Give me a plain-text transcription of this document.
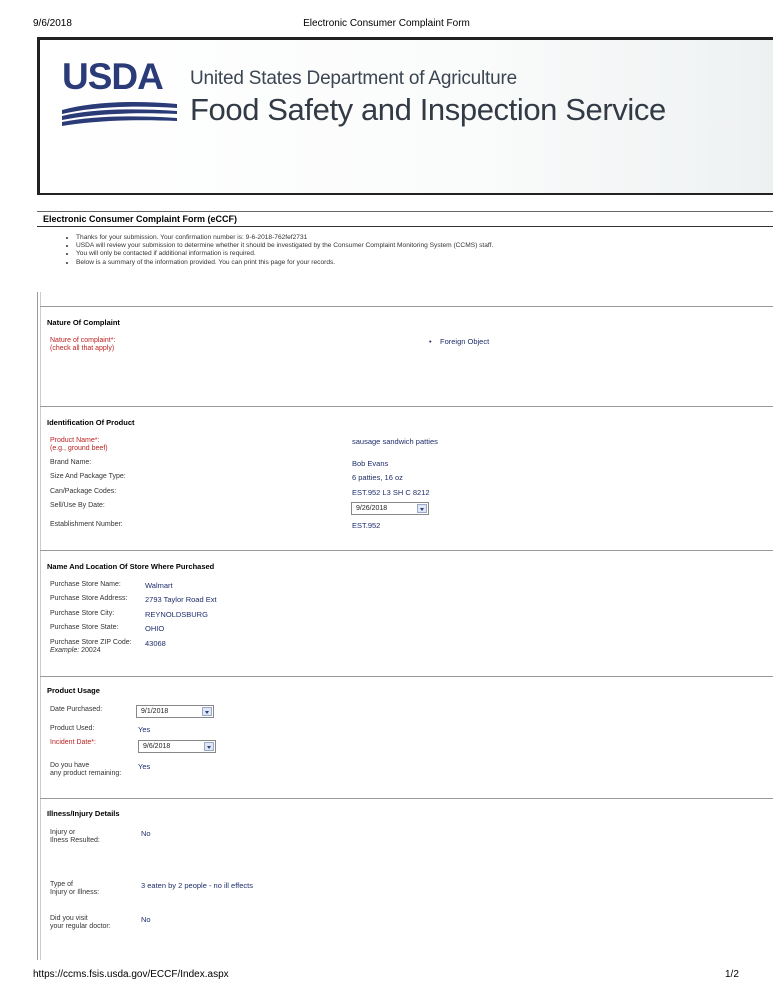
9/6/2018	Electronic Consumer Complaint Form
USDA	United States Department of Agriculture
Food Safety and Inspection Service
Electronic Consumer Complaint Form (eCCF)
• Thanks for your submission. Your confirmation number is: 9-6-2018-762fef2731
• USDA will review your submission to determine whether it should be investigated by the Consumer Complaint Monitoring System (CCMS) staff.
• You will only be contacted if additional information is required.
• Below is a summary of the information provided. You can print this page for your records.
Nature Of Complaint
Nature of complaint*:
(check all that apply)
• Foreign Object
Identification Of Product
Product Name*:
(e.g., ground beef)
sausage sandwich patties
Brand Name:	Bob Evans
Size And Package Type:	6 patties, 16 oz
Can/Package Codes:	EST.952 L3 SH C 8212
Sell/Use By Date:	9/26/2018
Establishment Number:	EST.952
Name And Location Of Store Where Purchased
Purchase Store Name:	Walmart
Purchase Store Address: 2793 Taylor Road Ext
Purchase Store City:	REYNOLDSBURG
Purchase Store State:	OHIO
Purchase Store ZIP Code:
Example: 20024
43068
Product Usage
Date Purchased:	9/1/2018
Product Used:	Yes
Incident Date*:
9/6/2018
Do you have
any product remaining:
Yes
Illness/Injury Details
Injury or
Ilness Resulted:
No
Type of
Injury or Illness:
3 eaten by 2 people - no ill effects
Did you visit
your regular doctor:
No
https://ccms.fsis.usda.gov/ECCF/Index.aspx	1/2
